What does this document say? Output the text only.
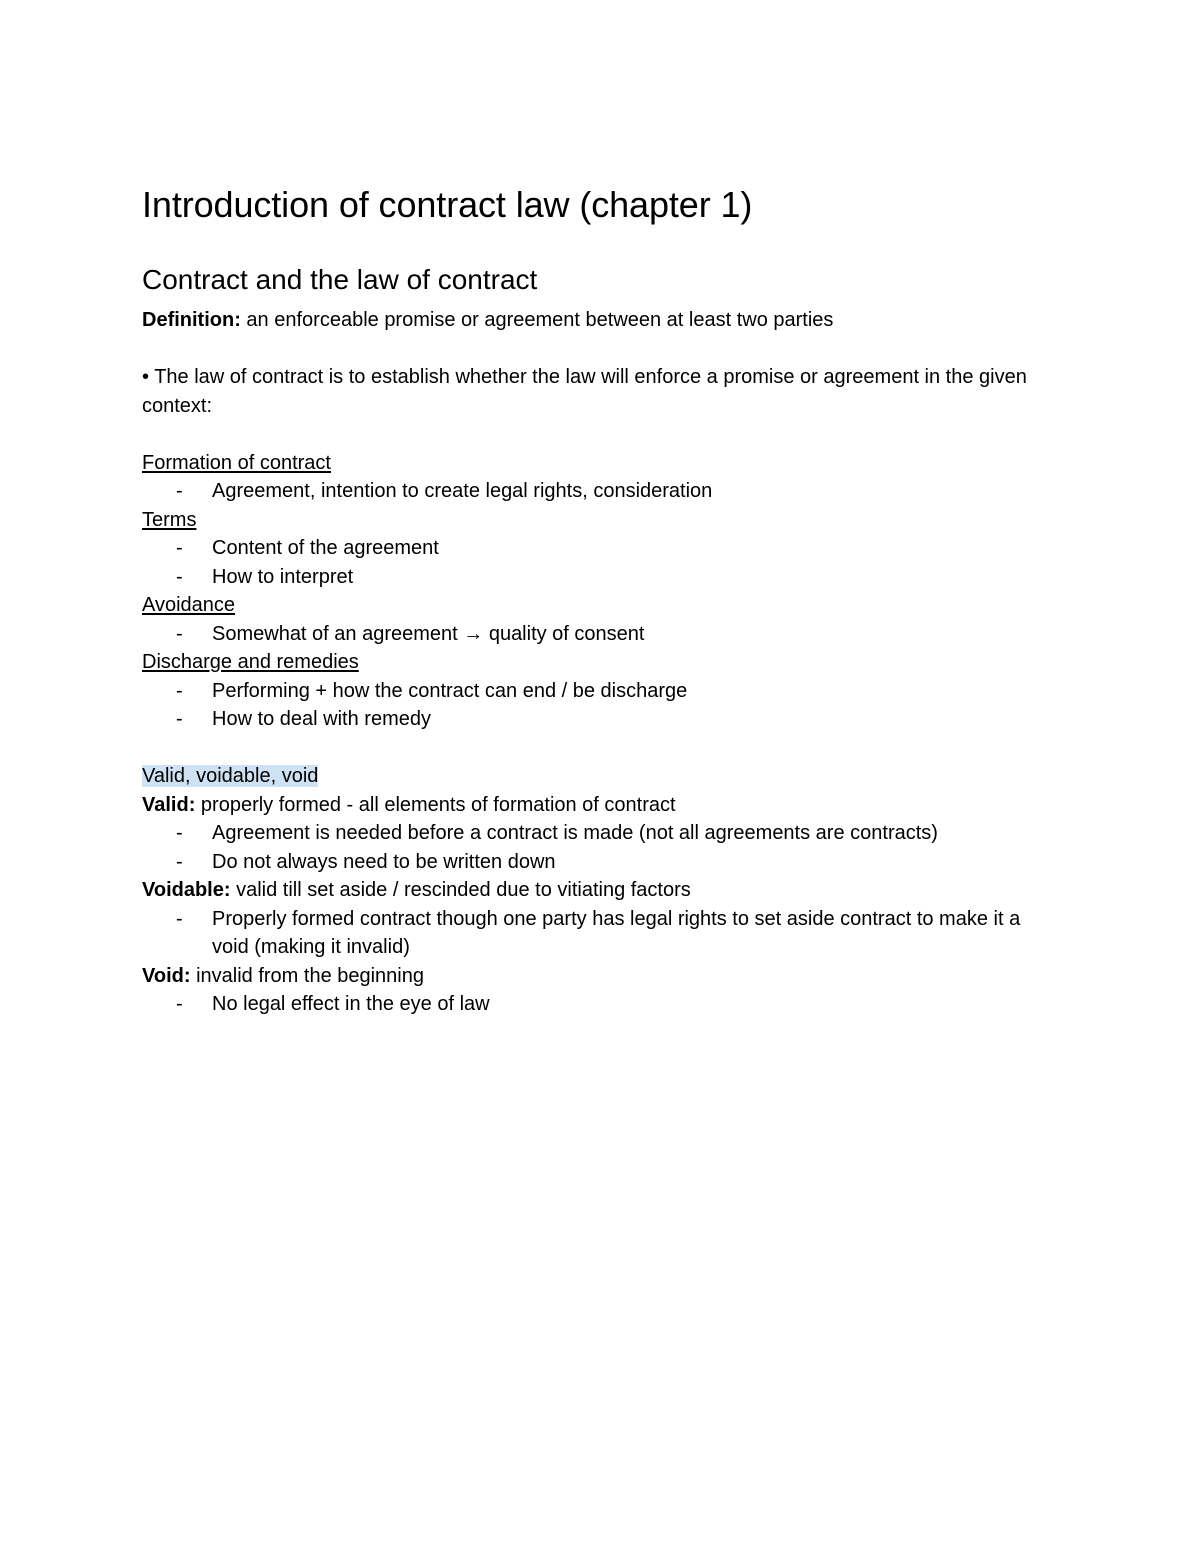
Introduction of contract law (chapter 1)
Contract and the law of contract

Definition: an enforceable promise or agreement between at least two parties

• The law of contract is to establish whether the law will enforce a promise or agreement in the given context:

Formation of contract

- Agreement, intention to create legal rights, consideration

Terms

- Content of the agreement

- How to interpret

Avoidance

- Somewhat of an agreement → quality of consent

Discharge and remedies

- Performing + how the contract can end / be discharge

- How to deal with remedy

Valid, voidable, void

Valid: properly formed - all elements of formation of contract

- Agreement is needed before a contract is made (not all agreements are contracts)

- Do not always need to be written down

Voidable: valid till set aside / rescinded due to vitiating factors

- Properly formed contract though one party has legal rights to set aside contract to make it a void (making it invalid)

Void: invalid from the beginning

- No legal effect in the eye of law
